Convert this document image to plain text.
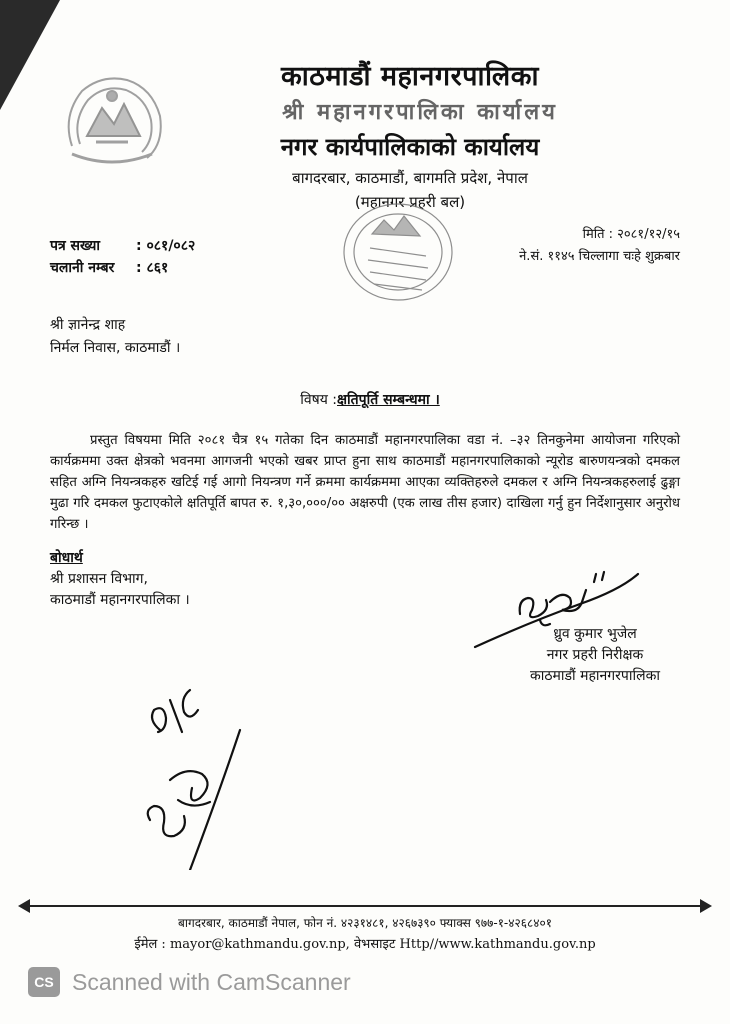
काठमाडौं महानगरपालिका
श्री महानगरपालिका कार्यालय
नगर कार्यपालिकाको कार्यालय
बागदरबार, काठमाडौं, बागमति प्रदेश, नेपाल
(महानगर प्रहरी बल)
पत्र सख्या	: ०८१/०८२
चलानी नम्बर : ८६१
मिति : २०८१/१२/१५
ने.सं. ११४५ चिल्लागा चःहे शुक्रबार
श्री ज्ञानेन्द्र शाह
निर्मल निवास, काठमाडौं ।
विषय :क्षतिपूर्ति सम्बन्धमा ।
प्रस्तुत विषयमा मिति २०८१ चैत्र १५ गतेका दिन काठमाडौं महानगरपालिका वडा नं. –३२ तिनकुनेमा आयोजना गरिएको कार्यक्रममा उक्त क्षेत्रको भवनमा आगजनी भएको खबर प्राप्त हुना साथ काठमाडौं महानगरपालिकाको न्यूरोड बारुणयन्त्रको दमकल सहित अग्नि नियन्त्रकहरु खटिई गई आगो नियन्त्रण गर्ने क्रममा कार्यक्रममा आएका व्यक्तिहरुले दमकल र अग्नि नियन्त्रकहरुलाई ढुङ्गा मुढा गरि दमकल फुटाएकोले क्षतिपूर्ति बापत रु. १,३०,०००/०० अक्षरुपी (एक लाख तीस हजार) दाखिला गर्नु हुन निर्देशानुसार अनुरोध गरिन्छ ।
बोधार्थ
श्री प्रशासन विभाग,
काठमाडौं महानगरपालिका ।
ध्रुव कुमार भुजेल
नगर प्रहरी निरीक्षक
काठमाडौं महानगरपालिका
बागदरबार, काठमाडौं नेपाल, फोन नं. ४२३१४८१, ४२६७३९० फ्याक्स ९७७-१-४२६८४०१
ईमेल : mayor@kathmandu.gov.np, वेभसाइट Http//www.kathmandu.gov.np
CS Scanned with CamScanner
